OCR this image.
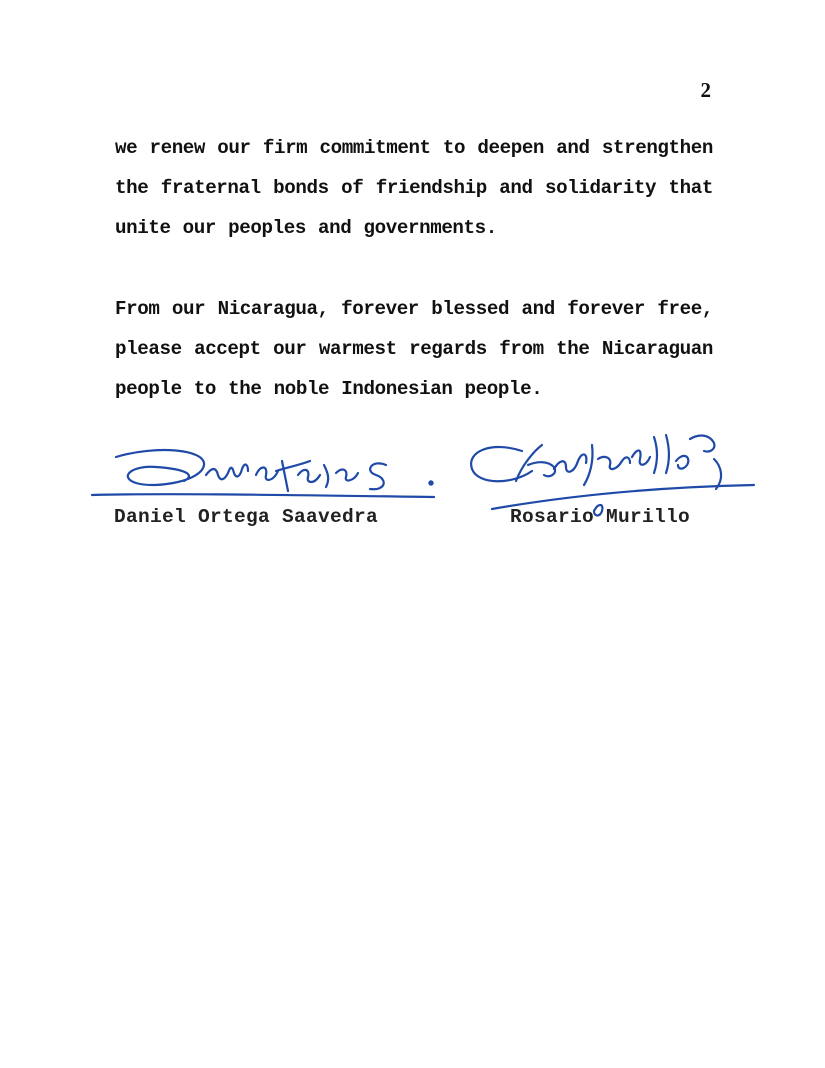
2
we renew our firm commitment to deepen and strengthen the fraternal bonds of friendship and solidarity that unite our peoples and governments.
From our Nicaragua, forever blessed and forever free, please accept our warmest regards from the Nicaraguan people to the noble Indonesian people.
Daniel Ortega Saavedra	Rosario Murillo
